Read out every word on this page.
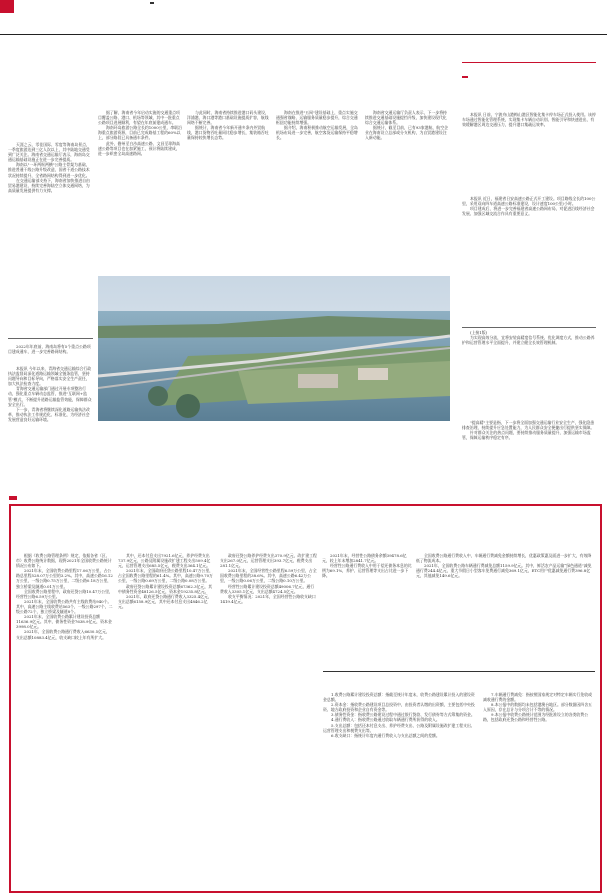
天涯之云、零佳国际、零度等海南岛景点，一季度旅游达到三亿人次以上，其中陆地交通受到广泛关注。海南省交通运输厅表示，海南岛交通运输基础设施正在进一步完善提质。

海南以"一环两纵两横"公路主骨架为基础，推进普通干线公路升级改造，国省干道公路技术状况持续提升，全省路网结构得到进一步优化。

在交通运输部支持下，海南省加快推进自由贸易港建设，持续完善海陆空立体交通网络，为高质量发展提供有力支撑。

2022年年底前，海南岛将有5个重点公路项目建成通车，进一步完善路网结构。

据了解，海南省今年启动实施的交通重点项目覆盖公路、港口、机场等领域，其中一批重点公路项目进展顺利，有望在年底前建成通车。

海南环岛旅游公路全长约1000公里，串联沿海重点旅游资源，目前已完成路基工程约60%以上，部分路段已具备通车条件。

此外，儋州至白沙高速公路、文昌至琼海高速公路等项目也在加紧施工，预计将陆续建成，进一步织密全岛高速路网。

与此同时，海南省持续推进港口码头建设，洋浦港、海口港等港口基础设施提质扩容，航线网络不断完善。

据统计，海南省今年新开通多条内外贸航线，港口货物吞吐量同比稳步增长，集装箱吞吐量保持较快增长态势。

海南在推进"五网"建设基础上，重点实施交通强省战略，运输服务质量稳步提升，综合交通枢纽功能持续增强。

据介绍，海南积极推动航空运输发展，全岛机场布局进一步完善，航空客货运输保持平稳增长。

海南省交通运输厅负责人表示，下一步将持续推进交通基础设施提挡升级，加快建设现代化综合交通运输体系。

据统计，截至目前，已有93家港航、航空企业在海南设立总部或分支机构，为自贸港建设注入新动能。

本报讯 日前，宁波舟山港梅山港区智能化集卡停车场正式投入使用。该停车场通过智能化管理系统，实现集卡车辆自动识别、智能引导和快速进出，有效缓解港区周边交通压力，提升港口集疏运效率。

本报讯 近日，福建省日安高速公路正式开工建设。项目路线全长约100公里，采用双向四车道高速公路标准建设，设计速度100公里/小时。

项目建成后，将进一步完善福建省高速公路网布局，对促进沿线经济社会发展、加强区域交流合作具有重要意义。

(上接1版)

为实现高效分流，宜将安装高精度信号系统、优化调度方式，推动公路养护和运营管理水平全面提升，并建立健全长效管理机制。

"提高精"主要是指，下一步将全面加强交通运输行业安全生产，强化隐患排查治理，持续提升应急处置能力，为人民群众安全便捷出行提供坚实保障。

针对群众关注的热点问题，要持续推动服务质量提升，加强运输市场监管，保障运输秩序稳定有序。

本报讯 今年以来，青海省交通运输综合行政执法监督局深化道路运输领域全链条监管，坚持问题导向和目标导向，严格落实安全生产责任，加大执法检查力度。

青海省交通运输部门通过开展专项整治行动，强化重点车辆动态监管，推进"互联网+监管"模式，不断提升道路运输监管效能，保障群众安全出行。

下一步，青海省将继续深化道路运输执法改革，推动执法工作规范化、标准化，为经济社会发展营造良好运输环境。

根据《收费公路管理条例》规定，依据各省（区、市）收费公路统计数据，现将2021年全国收费公路统计情况公布如下。

2021年末，全国收费公路里程17.06万公里，占公路总里程528.07万公里的3.2%。其中，高速公路16.12万公里，一级公路0.75万公里，二级公路0.18万公里，独立桥梁及隧道0.01万公里。

全国收费公路里程中，政府还贷公路10.47万公里，经营性公路6.59万公里。

2021年末，全国收费公路共有主线收费站940个。其中，高速公路主线收费站563个，一级公路297个，二级公路72个，独立桥梁及隧道8个。

2021年末，全国收费公路累计建设投资总额11636.9亿元。其中，债务性资金7638.9亿元，资本金3998.0亿元。

2021年，全国收费公路通行费收入6630.5亿元，支出总额10883.4亿元，收支缺口较上年有所扩大。

其中，还本付息支出7921.6亿元，养护经费支出737.9亿元，公路及附属设施改扩建工程支出509.4亿元，运营管理支出685.5亿元，税费支出364.1亿元。

2021年末，全国政府还贷公路里程10.47万公里，占全国收费公路里程的61.4%。其中，高速公路9.70万公里，一级公路0.69万公里，二级公路0.08万公里。

政府还贷公路累计建设投资总额67362.3亿元，其中债务性资金48126.5亿元，资本金19235.8亿元。

2021年，政府还贷公路通行费收入3325.4亿元，支出总额6158.9亿元，其中还本付息支出4846.2亿元。

政府还贷公路养护经费支出370.9亿元，改扩建工程支出267.0亿元，运营管理支出393.7亿元，税费支出281.1亿元。

2021年末，全国经营性公路里程6.59万公里，占全国收费公路里程的38.6%。其中，高速公路6.42万公里，一级公路0.06万公里，二级公路0.10万公里。

经营性公路累计建设投资总额49006.7亿元，通行费收入3305.1亿元，支出总额4724.5亿元。

收支平衡情况：2021年，全国经营性公路收支缺口1419.4亿元。

2021年末，经营性公路债务余额39478.6亿元，较上年末增加2841.7亿元。

经营性公路通行费收入中用于偿还债务本息的比例为69.1%，养护、运营管理等支出占比进一步下降。

全国收费公路通行费收入中，车辆通行费减免金额持续增长，优惠政策惠及面进一步扩大，有效降低了物流成本。

2021年，全国收费公路车辆通行费减免总额1159.9亿元。其中，鲜活农产品运输“绿色通道”减免通行费244.4亿元，重大节假日小型客车免费通行减免369.1亿元，ETC用户优惠减免通行费396.8亿元，其他减免149.6亿元。

1.收费公路累计建设投资总额：指截至统计年度末，收费公路建设累计投入的建设资金总额。

2.资本金：指收费公路建设项目总投资中，由投资者认缴的出资额，主要包括中央投资、地方政府投资和企业自有资金等。

3.债务性资金：指收费公路建设过程中通过银行贷款、发行债券等方式筹集的资金。

4.通行费收入：指收费公路通过收取车辆通行费所获得的收入。

5.支出总额：包括还本付息支出、养护经费支出、公路及附属设施改扩建工程支出、运营管理支出和税费支出等。

6.收支缺口：指统计年度内通行费收入与支出总额之间的差额。

7.车辆通行费减免：指按照国家规定对特定车辆实行免收或减收通行费的金额。

8.本公报中的数据均未包括港澳台地区。部分数据因四舍五入原因，存在总计与分项合计不等的情况。

9.本公报中收费公路统计范围为经批准设立的各类收费公路，包括政府还贷公路和经营性公路。
